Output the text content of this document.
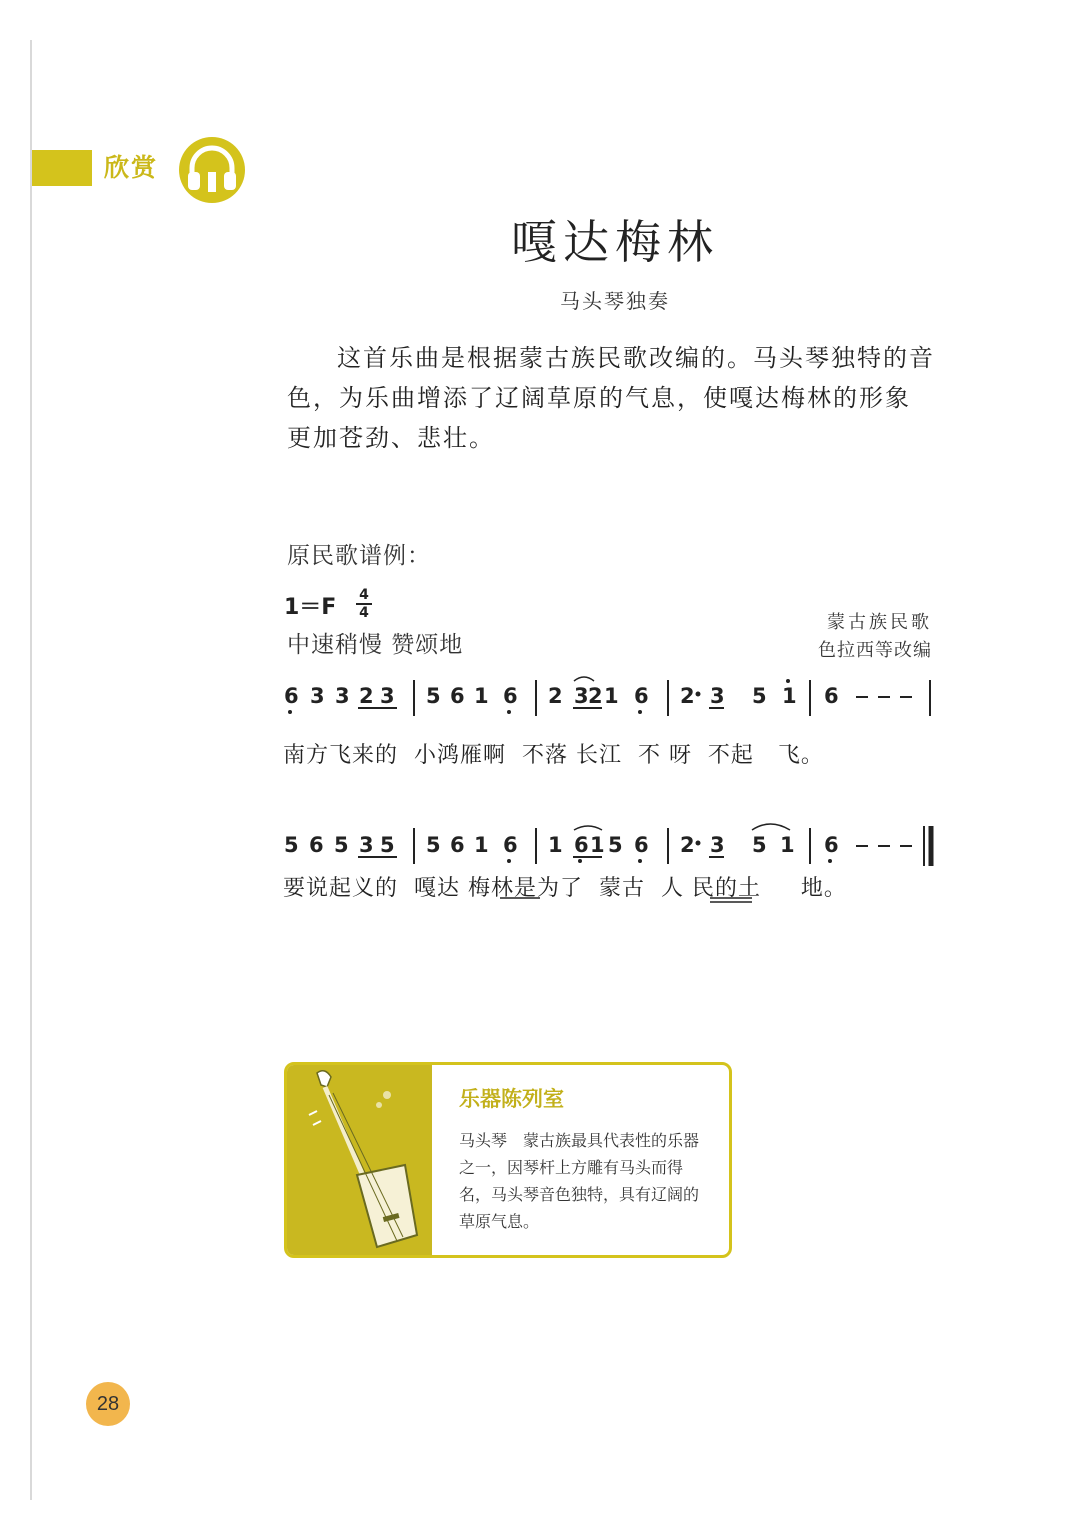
欣赏
嘎达梅林
马头琴独奏

这首乐曲是根据蒙古族民歌改编的。马头琴独特的音色，为乐曲增添了辽阔草原的气息，使嘎达梅林的形象更加苍劲、悲壮。

原民歌谱例：
1＝F	4
4
中速稍慢 赞颂地
蒙古族民歌
色拉西等改编
6 3 3 2 3 5 6 1 6 2 3 2 1 6 2 3 5 1 6
5 6 5 3 5 5 6 1 6 1 6 1 5 6 2 3 5 1 6
南方飞来的  小鸿雁啊  不落 长江  不 呀  不起   飞。
要说起义的  嘎达 梅林是为了  蒙古  人 民的土     地。
乐器陈列室

马头琴　蒙古族最具代表性的乐器之一，因琴杆上方雕有马头而得名，马头琴音色独特，具有辽阔的草原气息。

28
